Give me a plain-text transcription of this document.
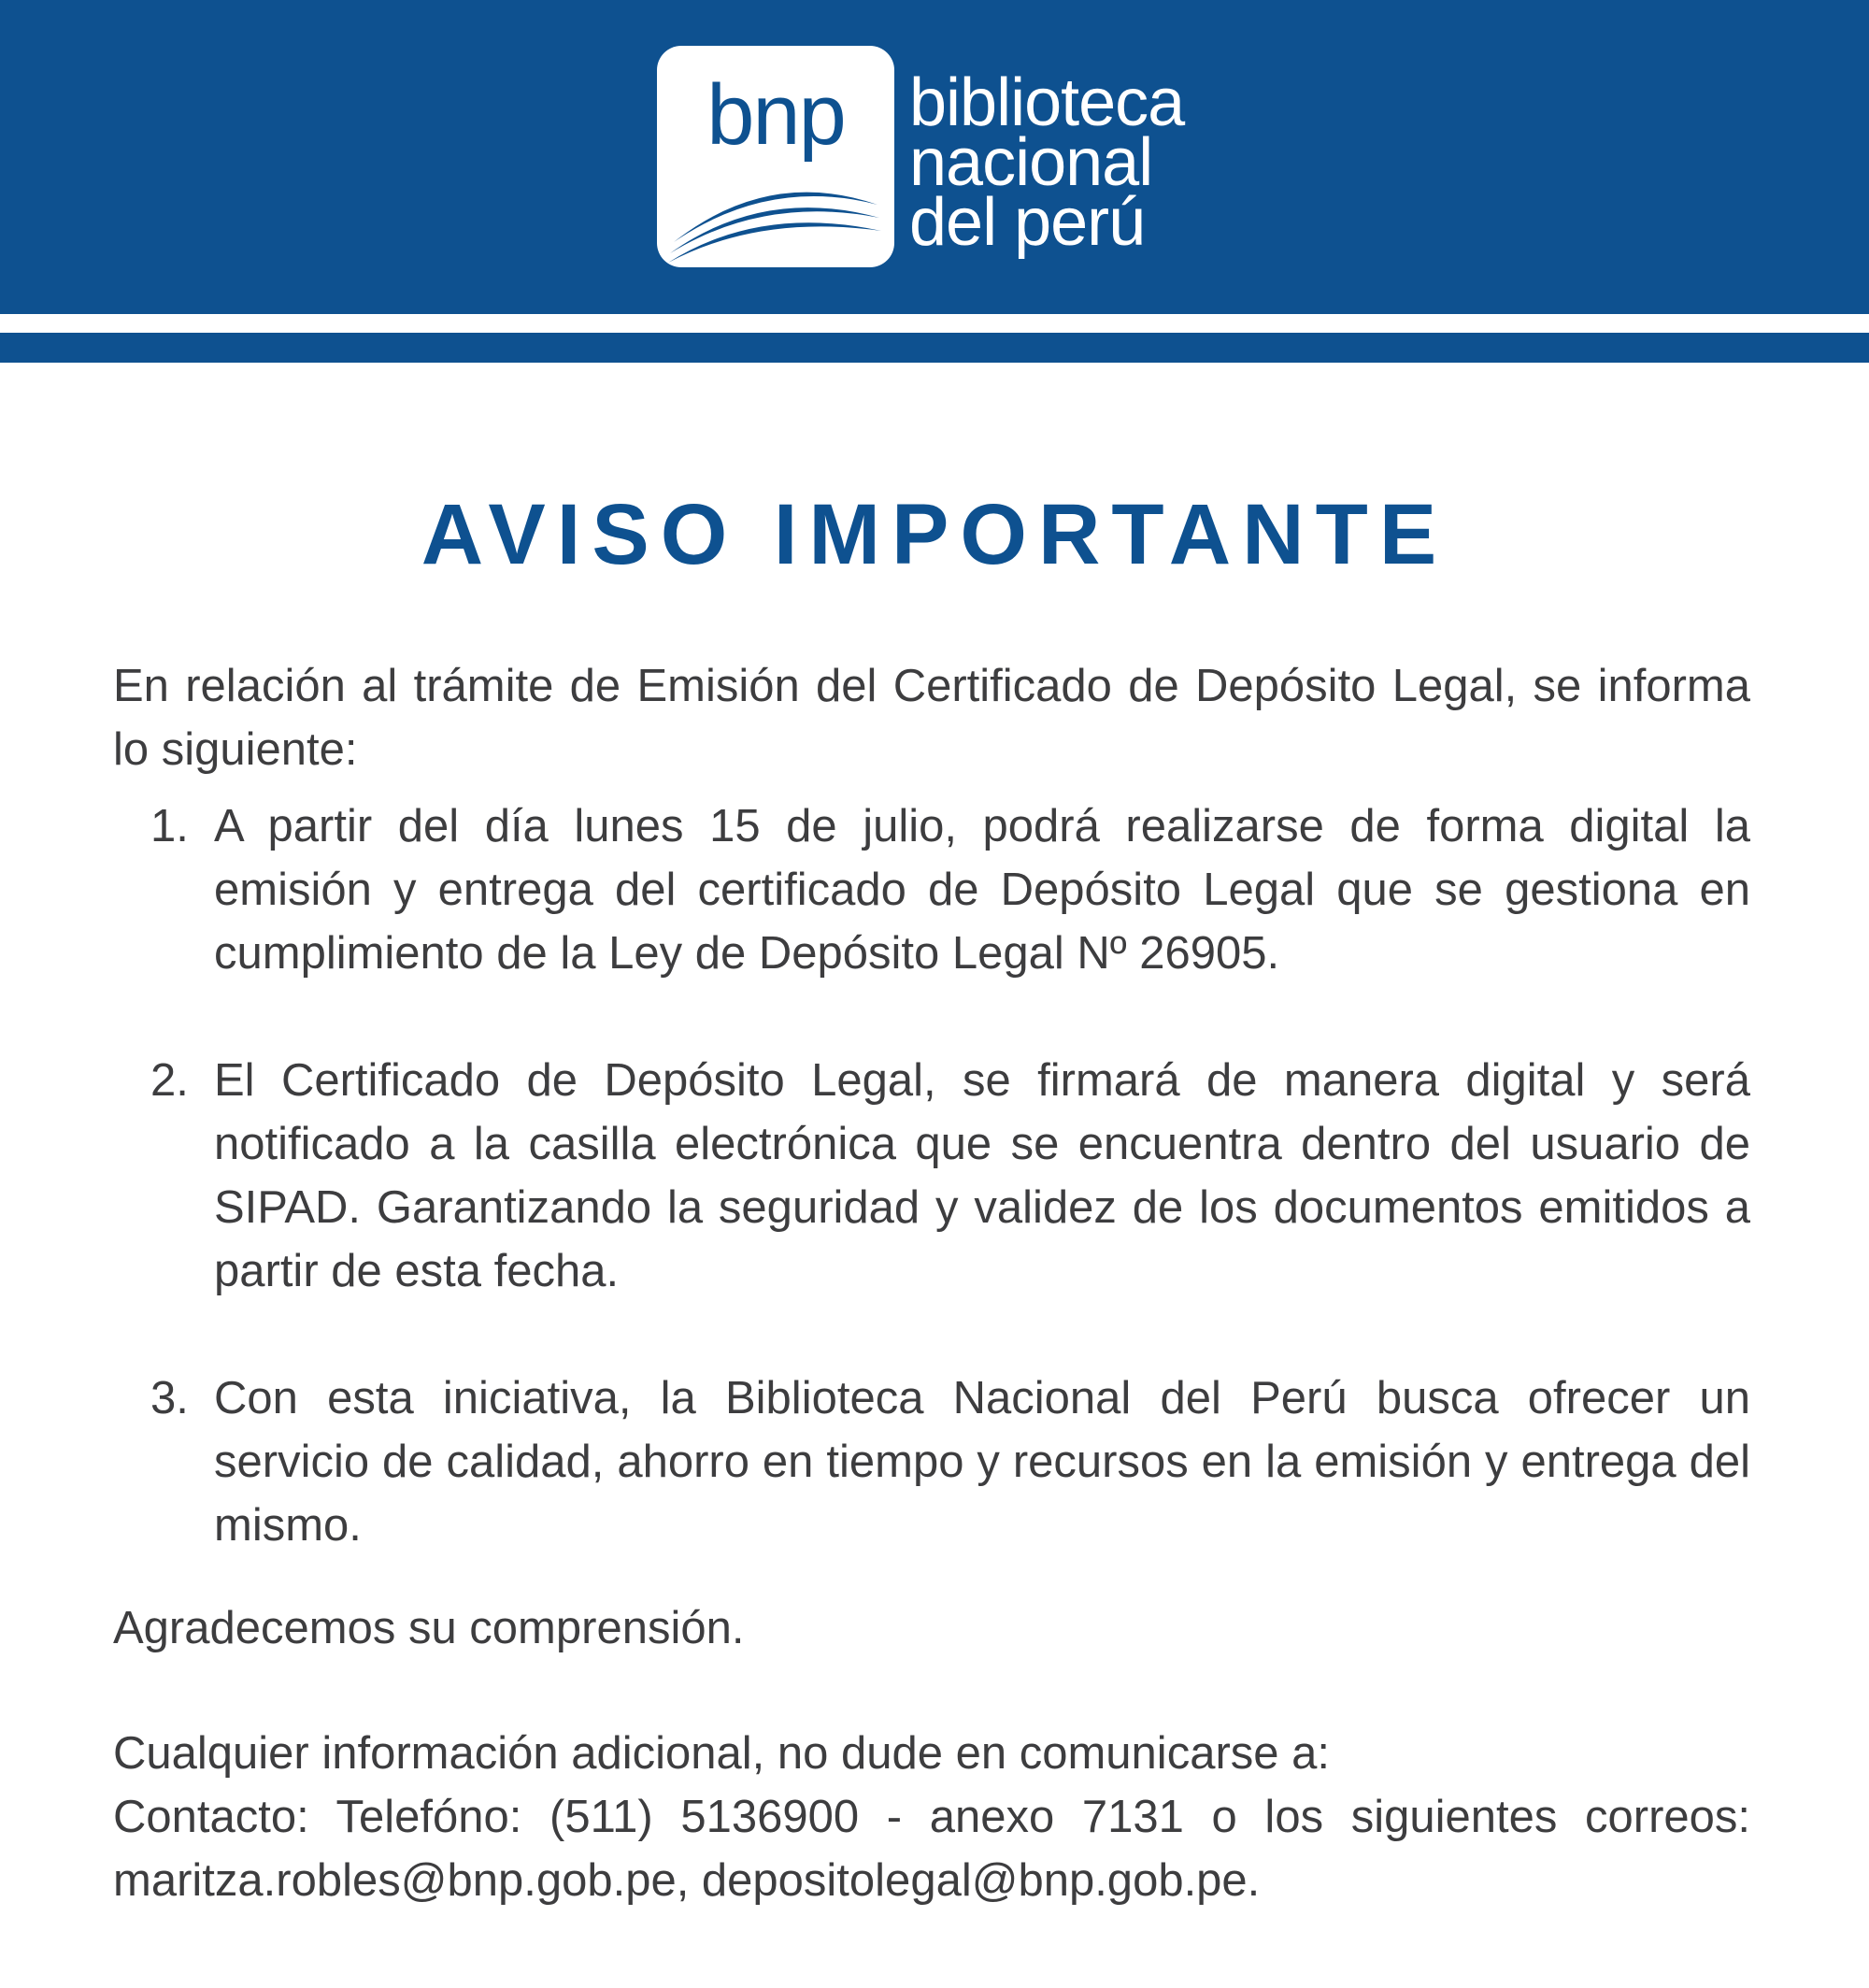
bnp biblioteca
nacional
del perú
AVISO IMPORTANTE

En relación al trámite de Emisión del Certificado de Depósito Legal, se informa lo siguiente:

1. A partir del día lunes 15 de julio, podrá realizarse de forma digital la emisión y entrega del certificado de Depósito Legal que se gestiona en cumplimiento de la Ley de Depósito Legal Nº 26905.
2. El Certificado de Depósito Legal, se firmará de manera digital y será notificado a la casilla electrónica que se encuentra dentro del usuario de SIPAD. Garantizando la seguridad y validez de los documentos emitidos a partir de esta fecha.
3. Con esta iniciativa, la Biblioteca Nacional del Perú busca ofrecer un servicio de calidad, ahorro en tiempo y recursos en la emisión y entrega del mismo.

Agradecemos su comprensión.

Cualquier información adicional, no dude en comunicarse a:

Contacto: Telefóno: (511) 5136900 - anexo 7131 o los siguientes correos: maritza.robles@bnp.gob.pe, depositolegal@bnp.gob.pe.
